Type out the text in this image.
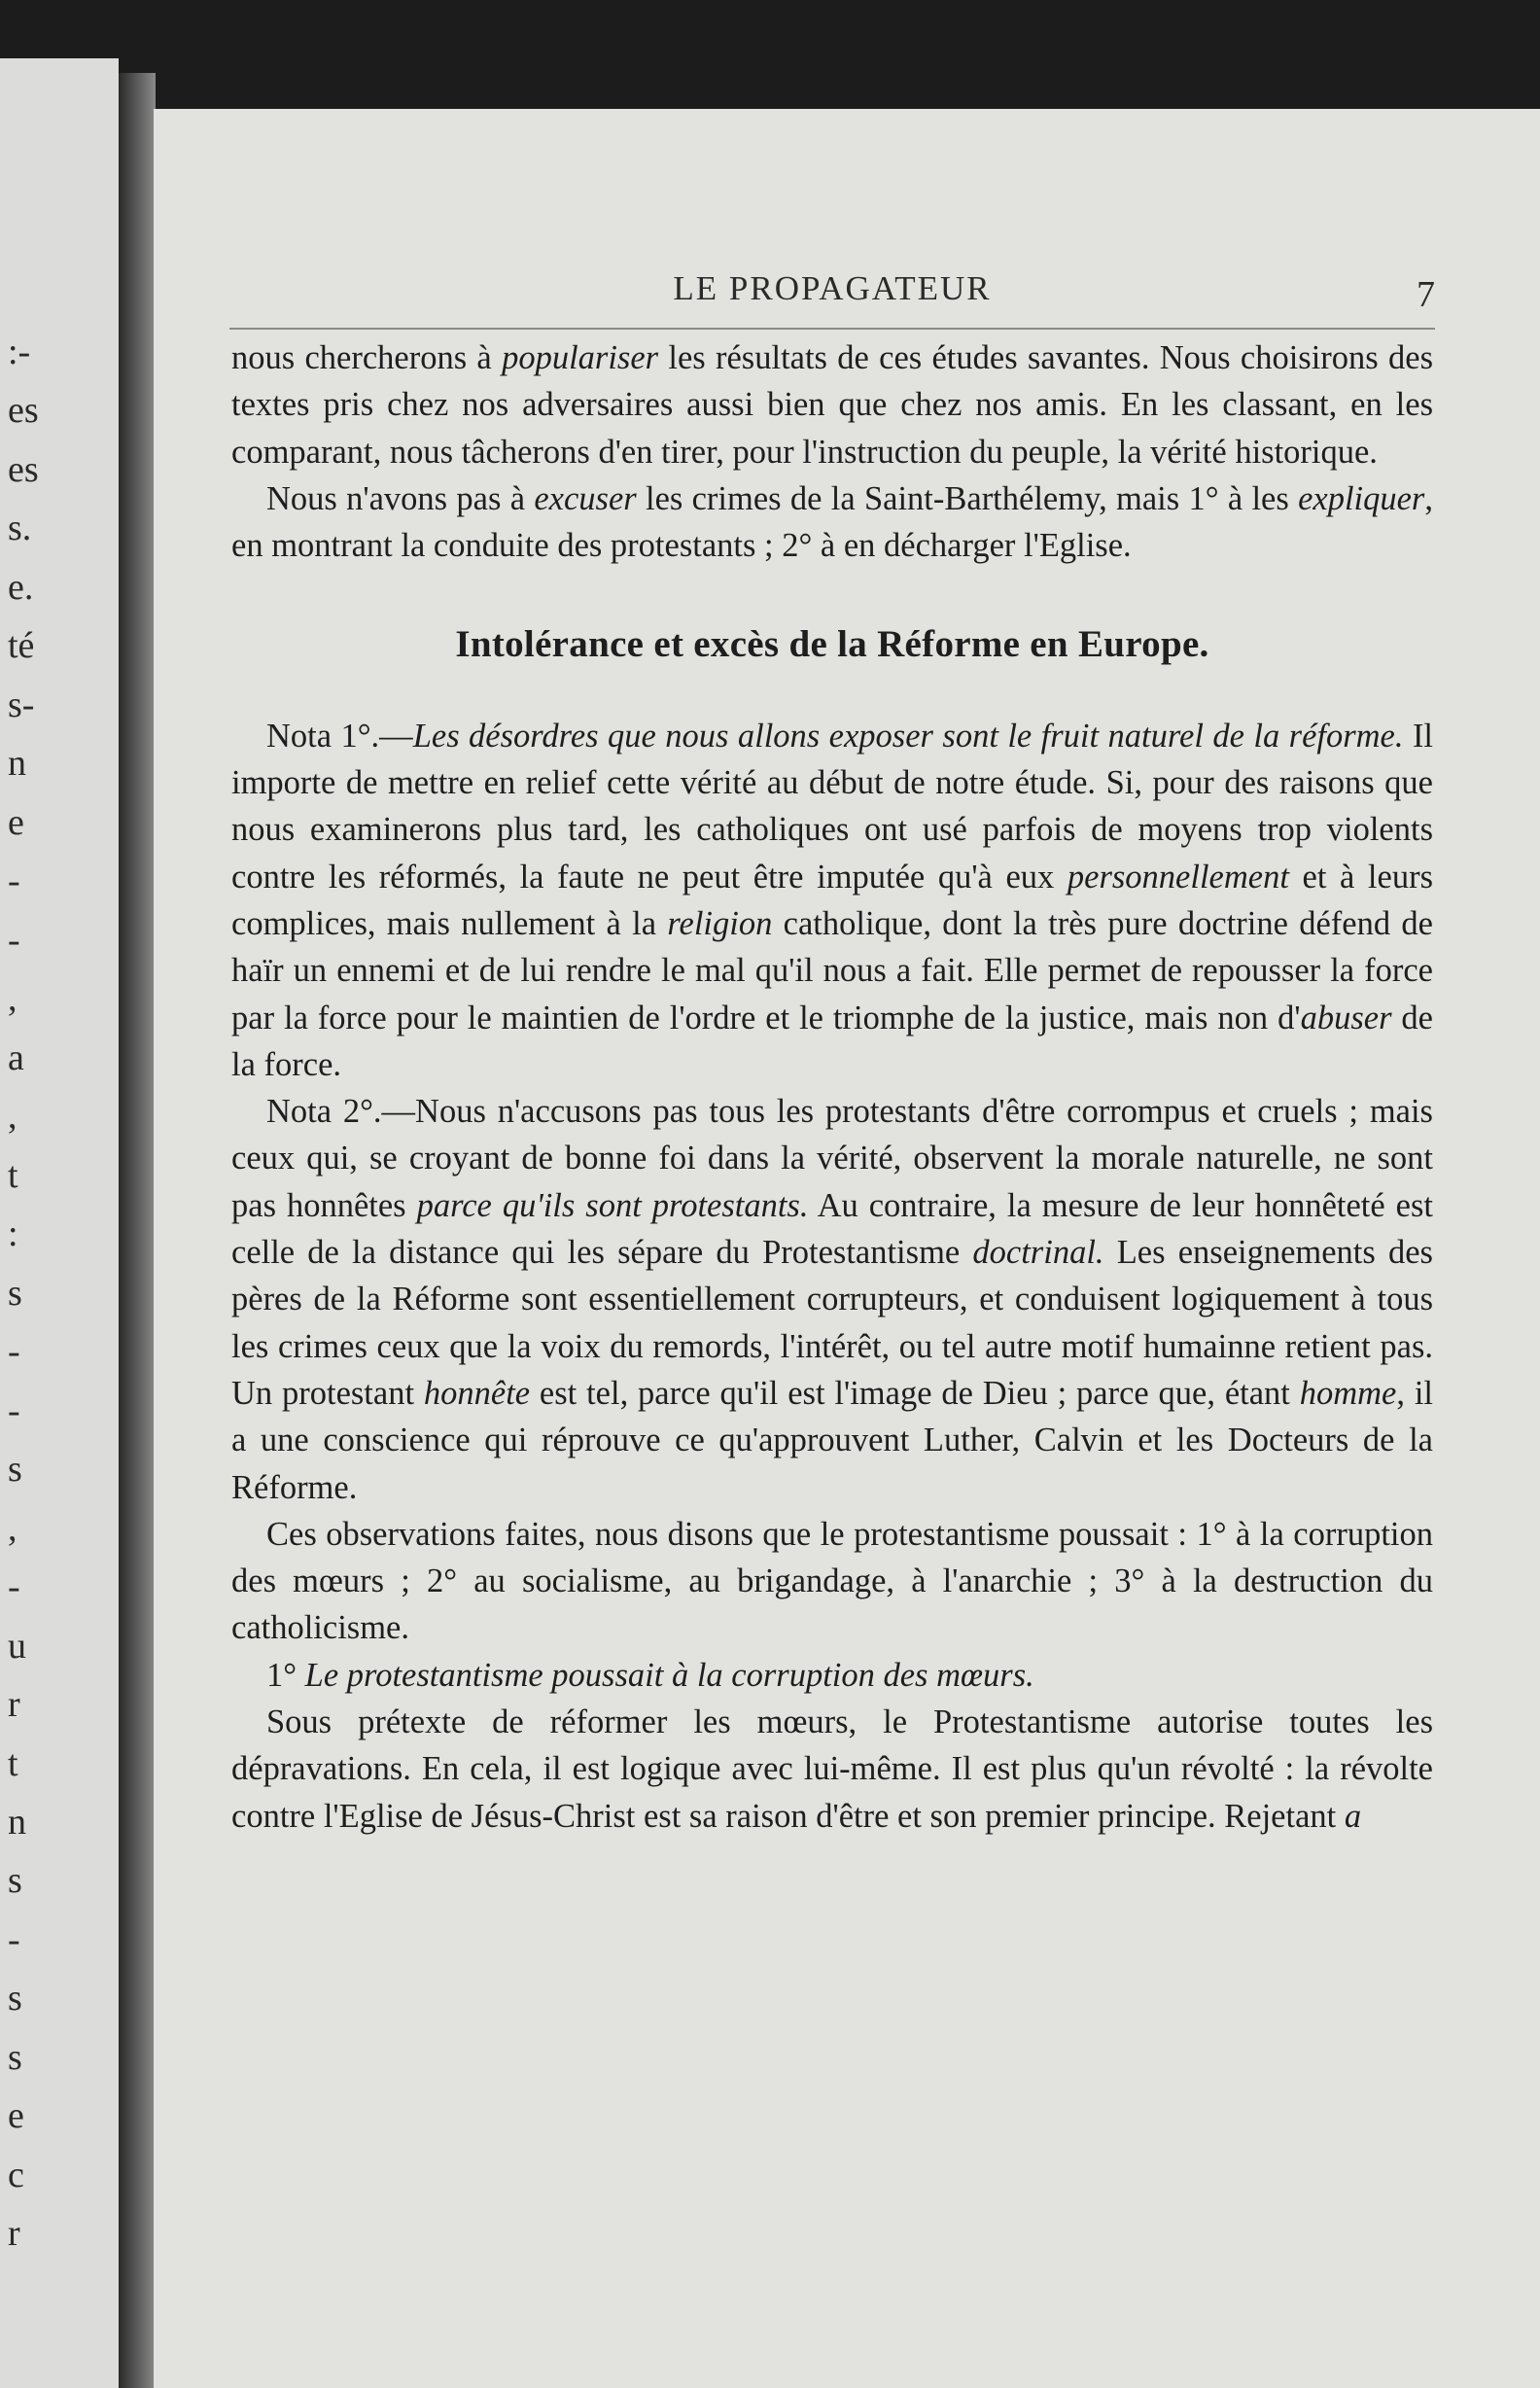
:-
es
es
s.
e.
té
s-
n
e
-
-
,
a
,
t
:
s
-
-
s
,
-
u
r
t
n
s
-
s
s
e
c
r
LE PROPAGATEUR	7

nous chercherons à populariser les résultats de ces études savantes. Nous choisirons des textes pris chez nos adversaires aussi bien que chez nos amis. En les classant, en les comparant, nous tâcherons d'en tirer, pour l'instruction du peuple, la vérité historique.

Nous n'avons pas à excuser les crimes de la Saint-Barthélemy, mais 1° à les expliquer, en montrant la conduite des protestants ; 2° à en décharger l'Eglise.

Intolérance et excès de la Réforme en Europe.

Nota 1°.—Les désordres que nous allons exposer sont le fruit naturel de la réforme. Il importe de mettre en relief cette vérité au début de notre étude. Si, pour des raisons que nous examinerons plus tard, les catholiques ont usé parfois de moyens trop violents contre les réformés, la faute ne peut être imputée qu'à eux personnellement et à leurs complices, mais nullement à la religion catholique, dont la très pure doctrine défend de haïr un ennemi et de lui rendre le mal qu'il nous a fait. Elle permet de repousser la force par la force pour le maintien de l'ordre et le triomphe de la justice, mais non d'abuser de la force.

Nota 2°.—Nous n'accusons pas tous les protestants d'être corrompus et cruels ; mais ceux qui, se croyant de bonne foi dans la vérité, observent la morale naturelle, ne sont pas honnêtes parce qu'ils sont protestants. Au contraire, la mesure de leur honnêteté est celle de la distance qui les sépare du Protestantisme doctrinal. Les enseignements des pères de la Réforme sont essentiellement corrupteurs, et conduisent logiquement à tous les crimes ceux que la voix du remords, l'intérêt, ou tel autre motif humainne retient pas. Un protestant honnête est tel, parce qu'il est l'image de Dieu ; parce que, étant homme, il a une conscience qui réprouve ce qu'approuvent Luther, Calvin et les Docteurs de la Réforme.

Ces observations faites, nous disons que le protestantisme poussait : 1° à la corruption des mœurs ; 2° au socialisme, au brigandage, à l'anarchie ; 3° à la destruction du catholicisme.

1° Le protestantisme poussait à la corruption des mœurs.

Sous prétexte de réformer les mœurs, le Protestantisme autorise toutes les dépravations. En cela, il est logique avec lui-même. Il est plus qu'un révolté : la révolte contre l'Eglise de Jésus-Christ est sa raison d'être et son premier principe. Rejetant a
